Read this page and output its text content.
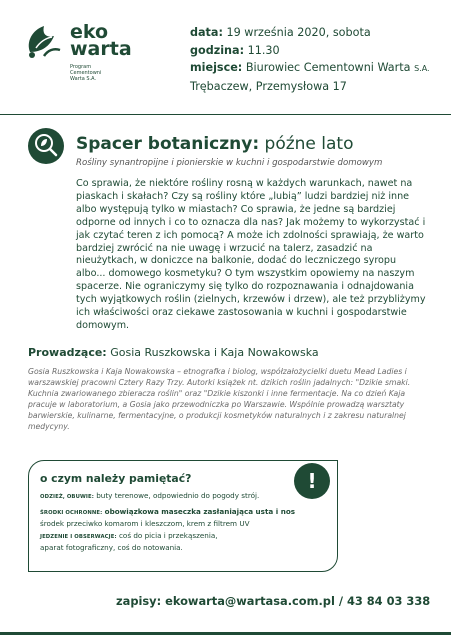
eko
warta
Program
Cementowni
Warta S.A.
data: 19 września 2020, sobota
godzina: 11.30
miejsce: Biurowiec Cementowni Warta S.A.
Trębaczew, Przemysłowa 17
Spacer botaniczny: późne lato
Rośliny synantropijne i pionierskie w kuchni i gospodarstwie domowym

Co sprawia, że niektóre rośliny rosną w każdych warunkach, nawet na piaskach i skałach? Czy są rośliny które „lubią” ludzi bardziej niż inne albo występują tylko w miastach? Co sprawia, że jedne są bardziej odporne od innych i co to oznacza dla nas? Jak możemy to wykorzystać i jak czytać teren z ich pomocą? A może ich zdolności sprawiają, że warto bardziej zwrócić na nie uwagę i wrzucić na talerz, zasadzić na nieużytkach, w doniczce na balkonie, dodać do leczniczego syropu albo... domowego kosmetyku? O tym wszystkim opowiemy na naszym spacerze. Nie ograniczymy się tylko do rozpoznawania i odnajdowania tych wyjątkowych roślin (zielnych, krzewów i drzew), ale też przybliżymy ich właściwości oraz ciekawe zastosowania w kuchni i gospodarstwie domowym.

Prowadzące: Gosia Ruszkowska i Kaja Nowakowska
Gosia Ruszkowska i Kaja Nowakowska – etnografka i biolog, współzałożycielki duetu Mead Ladies i warszawskiej pracowni Cztery Razy Trzy. Autorki książek nt. dzikich roślin jadalnych: "Dzikie smaki. Kuchnia zwariowanego zbieracza roślin" oraz "Dzikie kiszonki i inne fermentacje. Na co dzień Kaja pracuje w laboratorium, a Gosia jako przewodniczka po Warszawie. Wspólnie prowadzą warsztaty barwierskie, kulinarne, fermentacyjne, o produkcji kosmetyków naturalnych i z zakresu naturalnej medycyny.
!
o czym należy pamiętać?
ODZIEŻ, OBUWIE: buty terenowe, odpowiednio do pogody strój.
ŚRODKI OCHRONNE: obowiązkowa maseczka zasłaniająca usta i nos
środek przeciwko komarom i kleszczom, krem z filtrem UV
JEDZENIE I OBSERWACJE: coś do picia i przekąszenia,
aparat fotograficzny, coś do notowania.
zapisy: ekowarta@wartasa.com.pl / 43 84 03 338
